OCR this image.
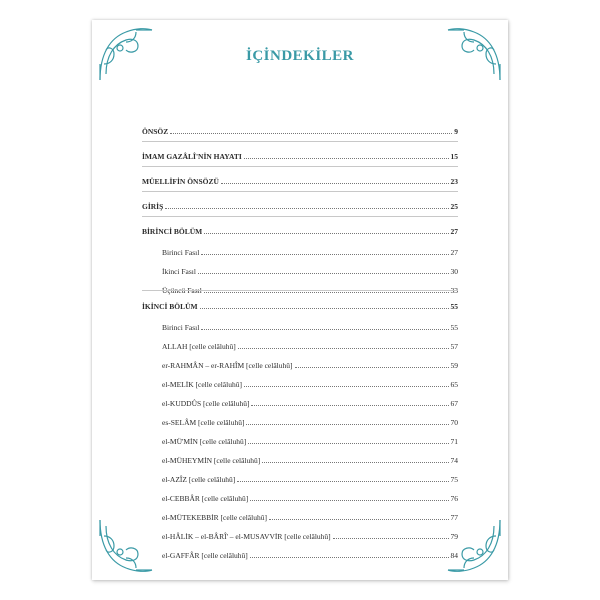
İÇİNDEKİLER
ÖNSÖZ	9
İMAM GAZÂLÎ'NİN HAYATI	15
MÜELLİFİN ÖNSÖZÜ	23
GİRİŞ	25
BİRİNCİ BÖLÜM	27
Birinci Fasıl	27
İkinci Fasıl	30
Üçüncü Fasıl	33
İKİNCİ BÖLÜM	55
Birinci Fasıl	55
ALLAH [celle celâluhû]	57
er-RAHMÂN – er-RAHÎM [celle celâluhû]	59
el-MELİK [celle celâluhû]	65
el-KUDDÛS [celle celâluhû]	67
es-SELÂM [celle celâluhû]	70
el-MÜ'MİN [celle celâluhû]	71
el-MÜHEYMİN [celle celâluhû]	74
el-AZÎZ [celle celâluhû]	75
el-CEBBÂR [celle celâluhû]	76
el-MÜTEKEBBİR [celle celâluhû]	77
el-HÂLİK – el-BÂRÎ' – el-MUSAVVİR [celle celâluhû]	79
el-GAFFÂR [celle celâluhû]	84
